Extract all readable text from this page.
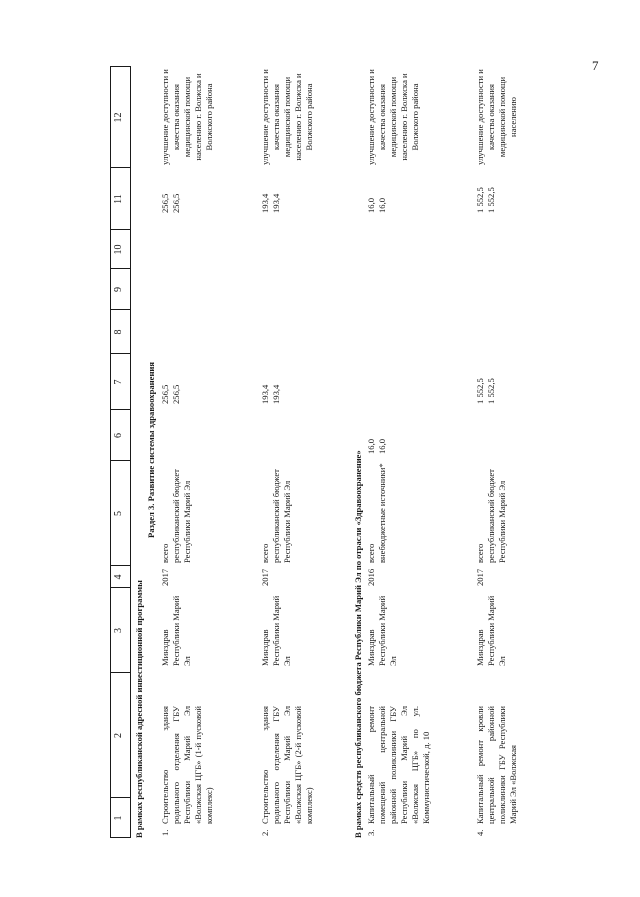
7
1
2
3
4
5
6
7
8
9
10
11
12
В рамках республиканской адресной инвестиционной программы
Раздел 3. Развитие системы здравоохранения
В рамках средств республиканского бюджета Республики Марий Эл по отрасли «Здравоохранение»
1.
Строительство здания родильного отделения ГБУ Республики Марий Эл «Волжская ЦГБ» (1-й пусковой комплекс)
Минздрав Республики Марий Эл
2017
всего
республиканский бюджет Республики Марий Эл
256,5
256,5
256,5
256,5
улучшение доступности и качества оказания медицинской помощи населению г. Волжска и Волжского района
2.
Строительство здания родильного отделения ГБУ Республики Марий Эл «Волжская ЦГБ» (2-й пусковой комплекс)
Минздрав Республики Марий Эл
2017
всего
республиканский бюджет Республики Марий Эл
193,4
193,4
193,4
193,4
улучшение доступности и качества оказания медицинской помощи населению г. Волжска и Волжского района
3.
Капитальный ремонт помещений центральной районной поликлиники ГБУ Республики Марий Эл «Волжская ЦГБ» по ул. Коммунистической, д. 10
Минздрав Республики Марий Эл
2016
всего
внебюджетные источники*
16,0
16,0
16,0
16,0
улучшение доступности и качества оказания медицинской помощи населению г. Волжска и Волжского района
4.
Капитальный ремонт кровли центральной районной поликлиники ГБУ Республики Марий Эл «Волжская
Минздрав Республики Марий Эл
2017
всего
республиканский бюджет Республики Марий Эл
1 552,5
1 552,5
1 552,5
1 552,5
улучшение доступности и качества оказания медицинской помощи населению
